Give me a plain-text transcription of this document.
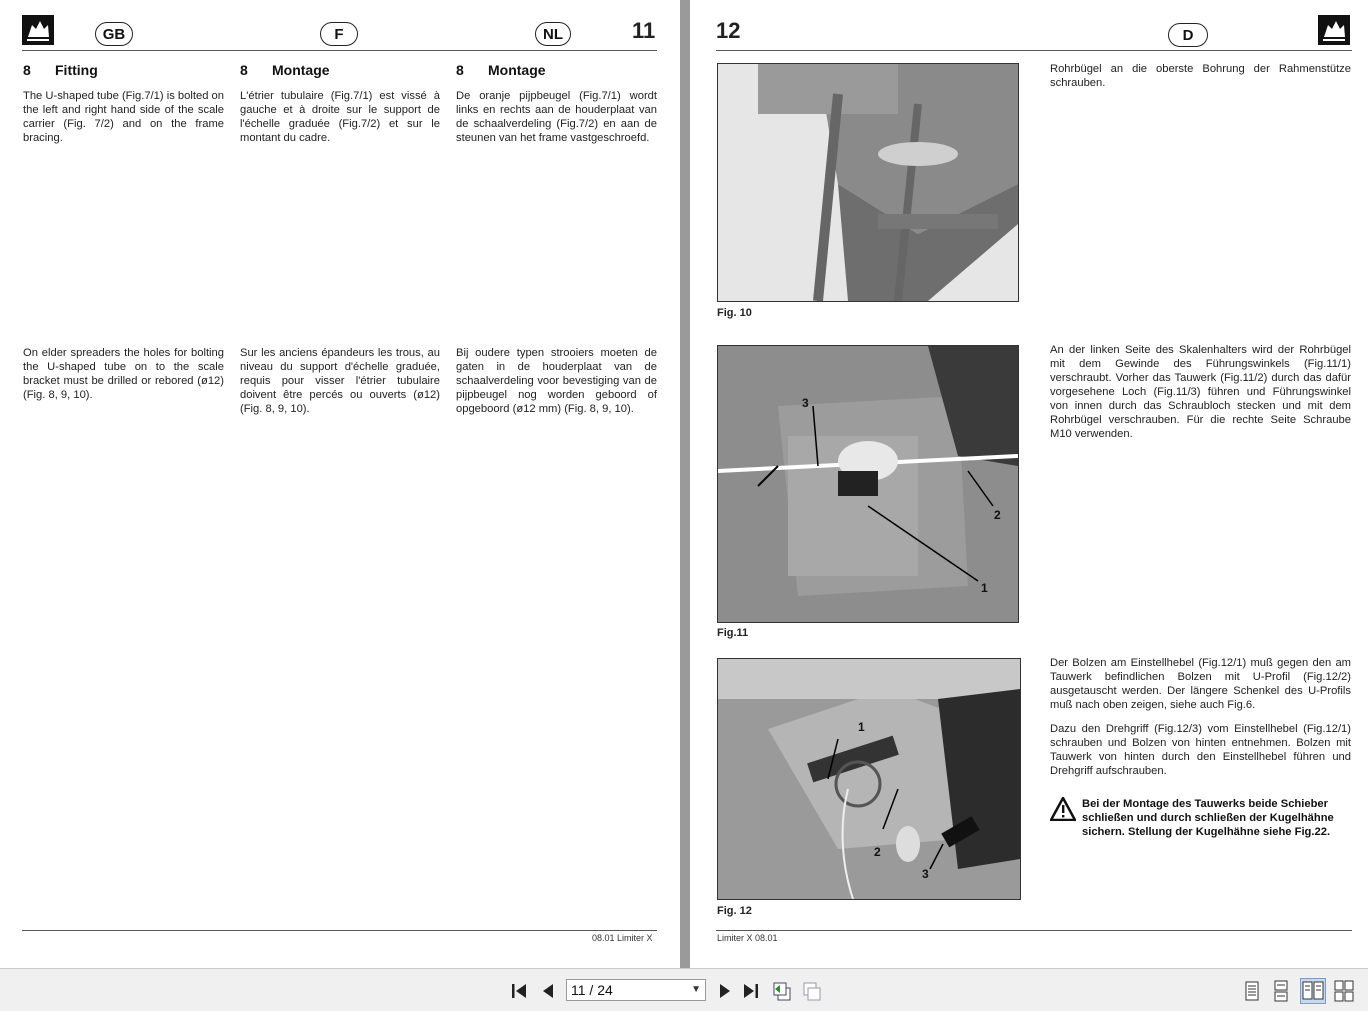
GB	F	NL	11
8 Fitting
The U-shaped tube (Fig.7/1) is bolted on the left and right hand side of the scale carrier (Fig. 7/2) and on the frame bracing.
On elder spreaders the holes for bolting the U-shaped tube on to the scale bracket must be drilled or rebored (ø12) (Fig. 8, 9, 10).
8 Montage
L'étrier tubulaire (Fig.7/1) est vissé à gauche et à droite sur le support de l'échelle graduée (Fig.7/2) et sur le montant du cadre.
Sur les anciens épandeurs les trous, au niveau du support d'échelle graduée, requis pour visser l'étrier tubulaire doivent être percés ou ouverts (ø12) (Fig. 8, 9, 10).
8 Montage
De oranje pijpbeugel (Fig.7/1) wordt links en rechts aan de houderplaat van de schaalverdeling (Fig.7/2) en aan de steunen van het frame vastgeschroefd.
Bij oudere typen strooiers moeten de gaten in de houderplaat van de schaalverdeling voor bevestiging van de pijpbeugel nog worden geboord of opgeboord (ø12 mm) (Fig. 8, 9, 10).
08.01 Limiter X
12	D
Fig. 10
3
2
1
Fig.11
1
2
3
Fig. 12
Rohrbügel an die oberste Bohrung der Rahmenstütze schrauben.
An der linken Seite des Skalenhalters wird der Rohrbügel mit dem Gewinde des Führungswinkels (Fig.11/1) verschraubt. Vorher das Tauwerk (Fig.11/2) durch das dafür vorgesehene Loch (Fig.11/3) führen und Führungswinkel von innen durch das Schraubloch stecken und mit dem Rohrbügel verschrauben. Für die rechte Seite Schraube M10 verwenden.
Der Bolzen am Einstellhebel (Fig.12/1) muß gegen den am Tauwerk befindlichen Bolzen mit U-Profil (Fig.12/2) ausgetauscht werden. Der längere Schenkel des U-Profils muß nach oben zeigen, siehe auch Fig.6.
Dazu den Drehgriff (Fig.12/3) vom Einstellhebel (Fig.12/1) schrauben und Bolzen von hinten entnehmen. Bolzen mit Tauwerk von hinten durch den Einstellhebel führen und Drehgriff aufschrauben.
Bei der Montage des Tauwerks beide Schieber schließen und durch schließen der Kugelhähne sichern. Stellung der Kugelhähne siehe Fig.22.
Limiter X 08.01
11 / 24	▼
